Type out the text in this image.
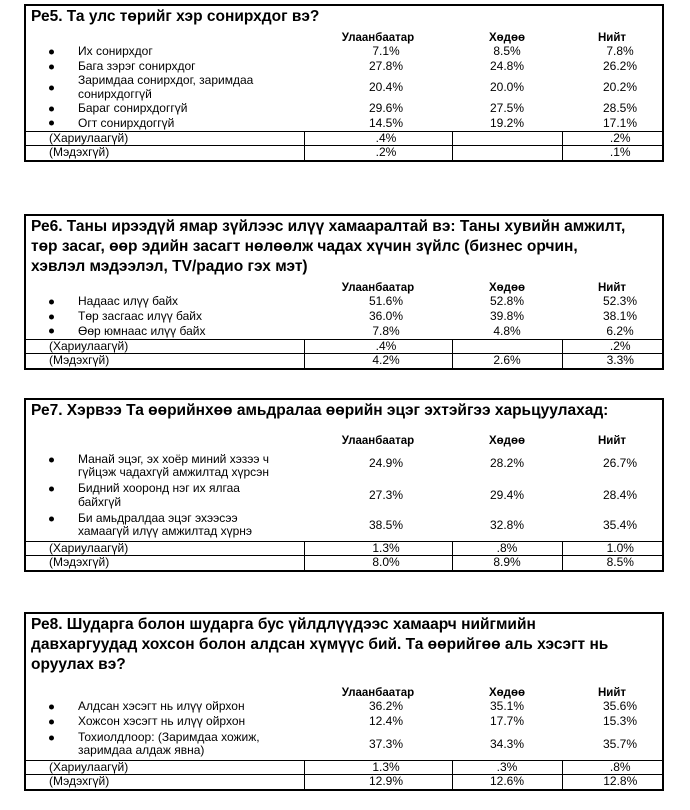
Ре5. Та улс төрийг хэр сонирхдог вэ?
	Улаанбаатар	Хөдөө	Нийт

Их сонирхдог	7.1%	8.5%	7.8%

Бага зэрэг сонирхдог	27.8%	24.8%	26.2%

Заримдаа сонирхдог, заримдаа
сонирхдоггүй	20.4%	20.0%	20.2%

Бараг сонирхдоггүй	29.6%	27.5%	28.5%

Огт сонирхдоггүй	14.5%	19.2%	17.1%
(Хариулаагүй)	.4%		.2%
(Мэдэхгүй)	.2%		.1%
Ре6. Таны ирээдүй ямар зүйлээс илүү хамааралтай вэ: Таны хувийн амжилт,
төр засаг, өөр эдийн засагт нөлөөлж чадах хүчин зүйлс (бизнес орчин,
хэвлэл мэдээлэл, TV/радио гэх мэт)
	Улаанбаатар	Хөдөө	Нийт

Надаас илүү байх	51.6%	52.8%	52.3%

Төр засгаас илүү байх	36.0%	39.8%	38.1%

Өөр юмнаас илүү байх	7.8%	4.8%	6.2%
(Хариулаагүй)	.4%		.2%
(Мэдэхгүй)	4.2%	2.6%	3.3%
Ре7. Хэрвээ Та өөрийнхөө амьдралаа өөрийн эцэг эхтэйгээ харьцуулахад:
	Улаанбаатар	Хөдөө	Нийт

Манай эцэг, эх хоёр миний хэзээ ч
гүйцэж чадахгүй амжилтад хүрсэн	24.9%	28.2%	26.7%

Бидний хооронд нэг их ялгаа
байхгүй	27.3%	29.4%	28.4%

Би амьдралдаа эцэг эхээсээ
хамаагүй илүү амжилтад хүрнэ	38.5%	32.8%	35.4%
(Хариулаагүй)	1.3%	.8%	1.0%
(Мэдэхгүй)	8.0%	8.9%	8.5%
Ре8. Шударга болон шударга бус үйлдлүүдээс хамаарч нийгмийн
давхаргуудад хохсон болон алдсан хүмүүс бий. Та өөрийгөө аль хэсэгт нь
оруулах вэ?
	Улаанбаатар	Хөдөө	Нийт

Алдсан хэсэгт нь илүү ойрхон	36.2%	35.1%	35.6%

Хожсон хэсэгт нь илүү ойрхон	12.4%	17.7%	15.3%

Тохиолдлоор: (Заримдаа хожиж,
заримдаа алдаж явна)	37.3%	34.3%	35.7%
(Хариулаагүй)	1.3%	.3%	.8%
(Мэдэхгүй)	12.9%	12.6%	12.8%
